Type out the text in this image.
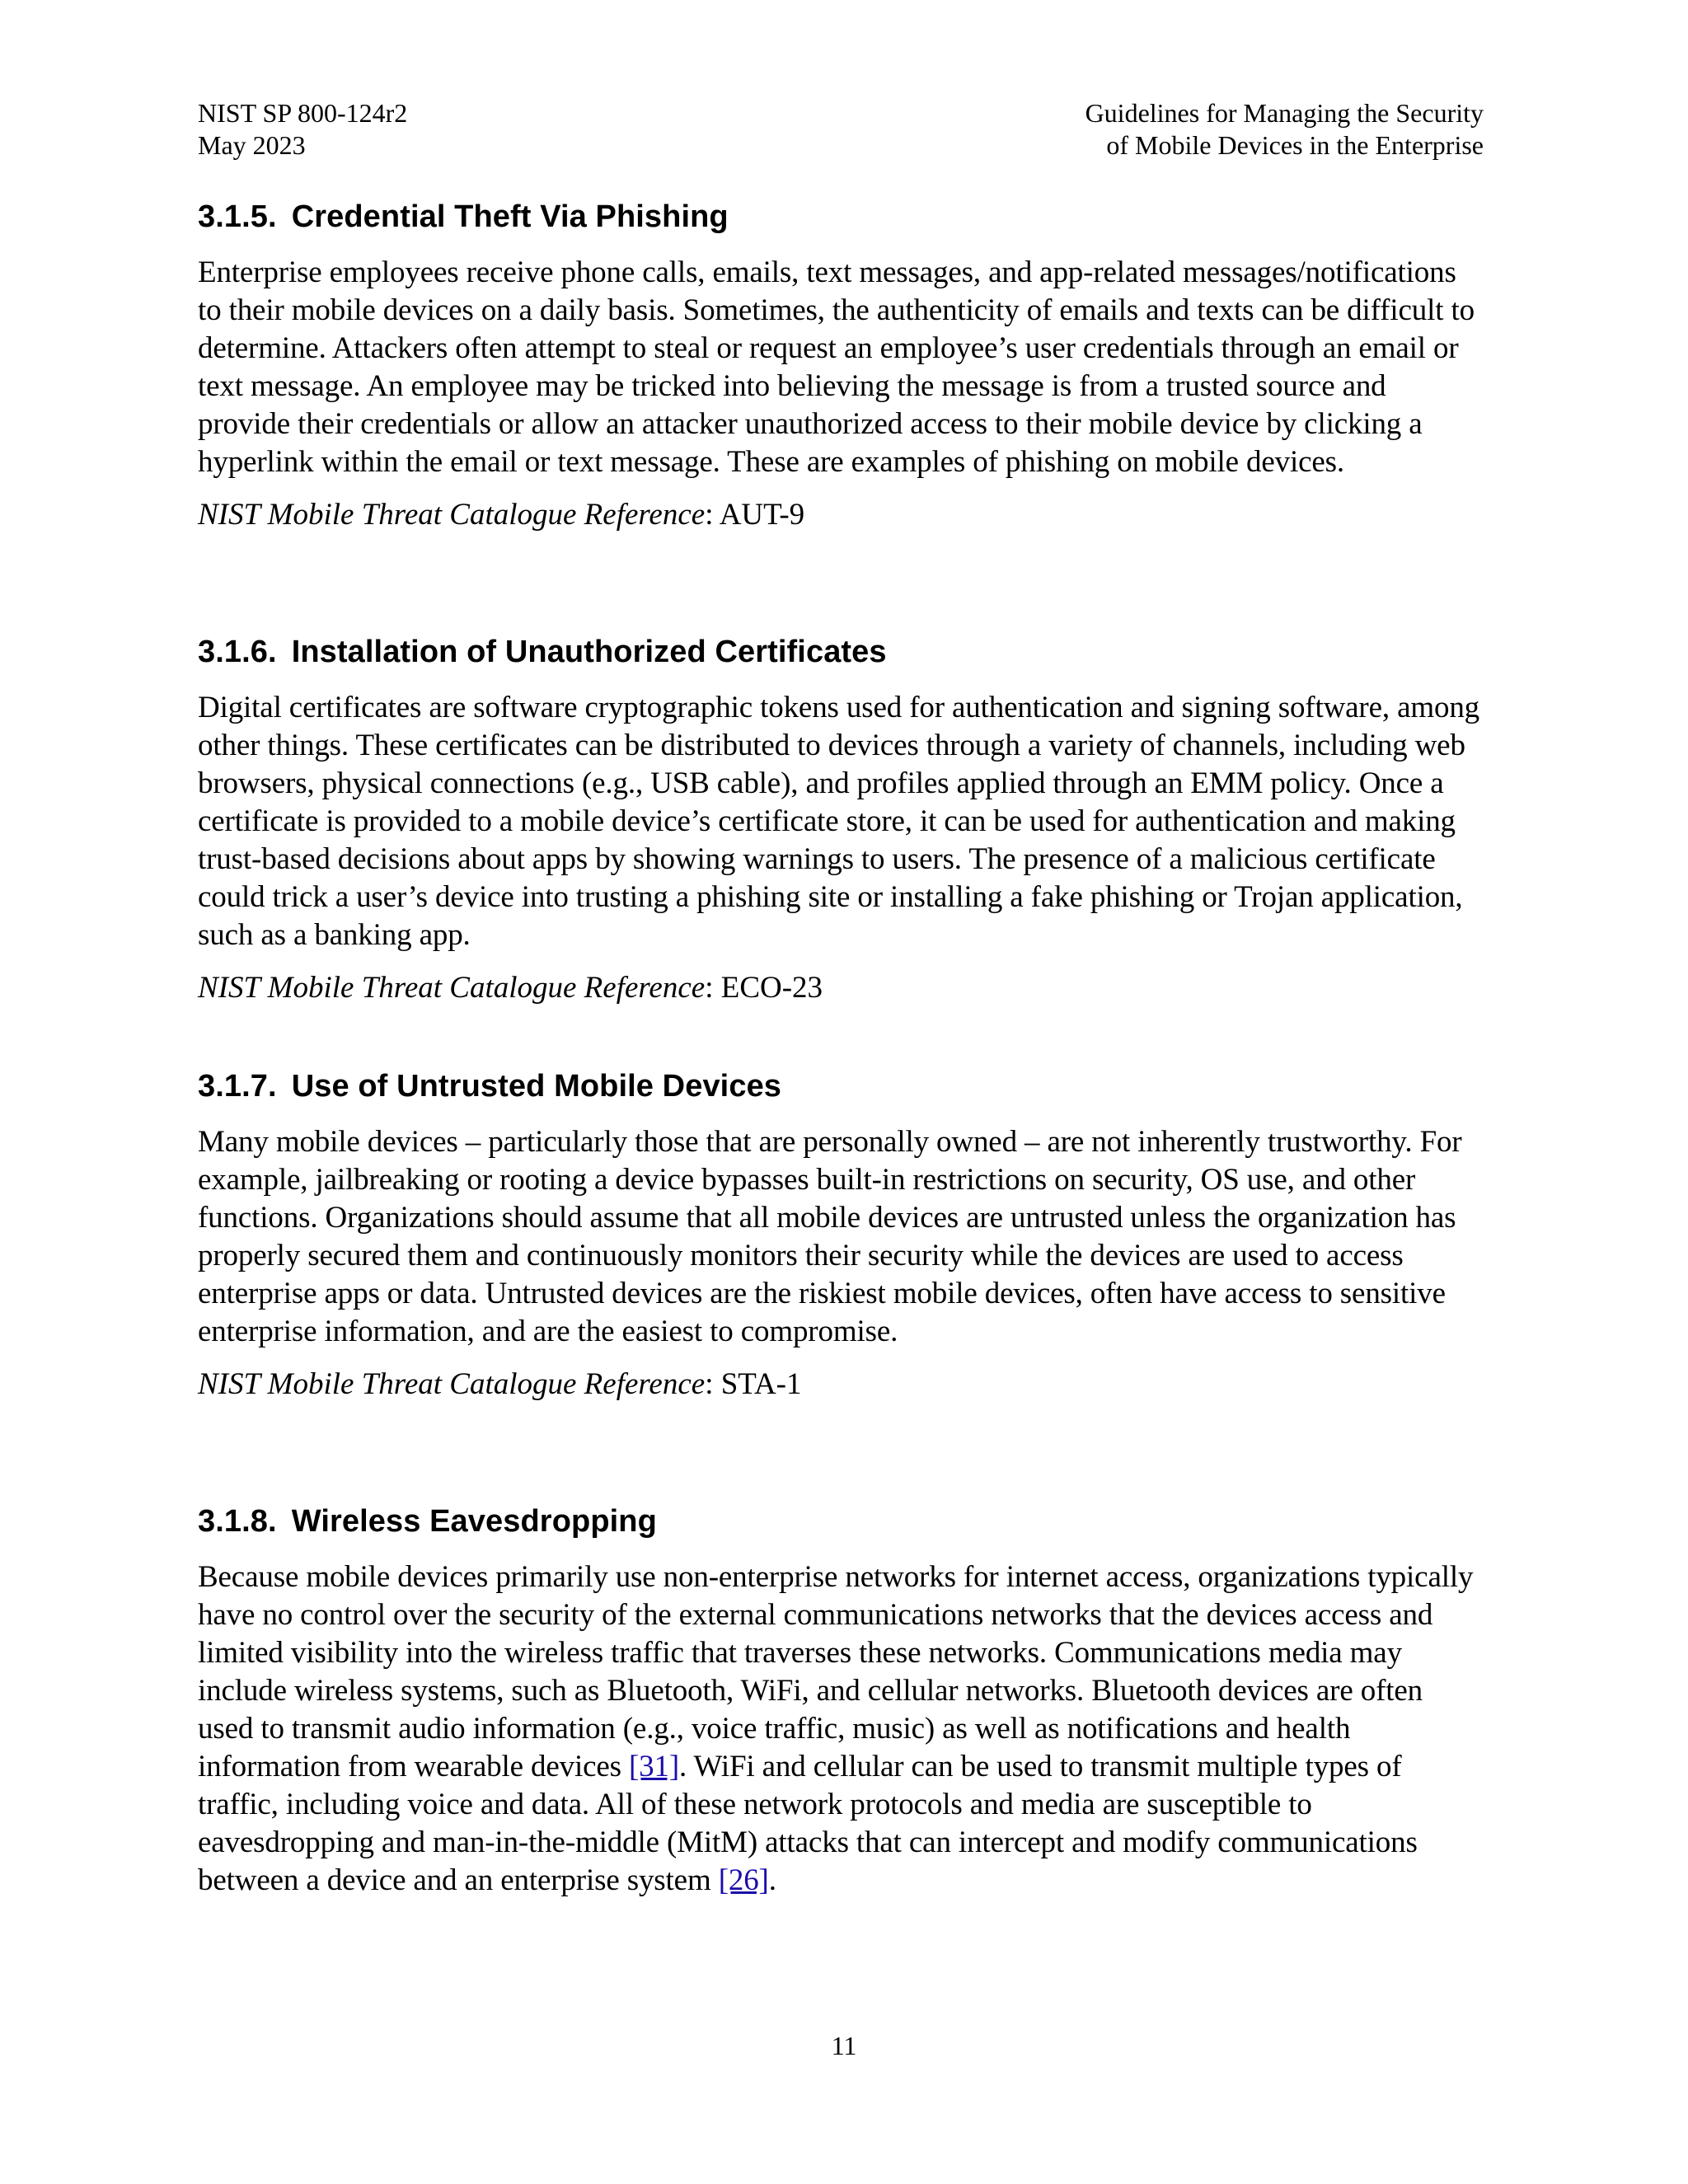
NIST SP 800-124r2
May 2023
Guidelines for Managing the Security
of Mobile Devices in the Enterprise
3.1.5. Credential Theft Via Phishing

Enterprise employees receive phone calls, emails, text messages, and app-related messages/notifications to their mobile devices on a daily basis. Sometimes, the authenticity of emails and texts can be difficult to determine. Attackers often attempt to steal or request an employee’s user credentials through an email or text message. An employee may be tricked into believing the message is from a trusted source and provide their credentials or allow an attacker unauthorized access to their mobile device by clicking a hyperlink within the email or text message. These are examples of phishing on mobile devices.

NIST Mobile Threat Catalogue Reference: AUT-9

3.1.6. Installation of Unauthorized Certificates

Digital certificates are software cryptographic tokens used for authentication and signing software, among other things. These certificates can be distributed to devices through a variety of channels, including web browsers, physical connections (e.g., USB cable), and profiles applied through an EMM policy. Once a certificate is provided to a mobile device’s certificate store, it can be used for authentication and making trust-based decisions about apps by showing warnings to users. The presence of a malicious certificate could trick a user’s device into trusting a phishing site or installing a fake phishing or Trojan application, such as a banking app.

NIST Mobile Threat Catalogue Reference: ECO-23

3.1.7. Use of Untrusted Mobile Devices

Many mobile devices – particularly those that are personally owned – are not inherently trustworthy. For example, jailbreaking or rooting a device bypasses built-in restrictions on security, OS use, and other functions. Organizations should assume that all mobile devices are untrusted unless the organization has properly secured them and continuously monitors their security while the devices are used to access enterprise apps or data. Untrusted devices are the riskiest mobile devices, often have access to sensitive enterprise information, and are the easiest to compromise.

NIST Mobile Threat Catalogue Reference: STA-1

3.1.8. Wireless Eavesdropping

Because mobile devices primarily use non-enterprise networks for internet access, organizations typically have no control over the security of the external communications networks that the devices access and limited visibility into the wireless traffic that traverses these networks. Communications media may include wireless systems, such as Bluetooth, WiFi, and cellular networks. Bluetooth devices are often used to transmit audio information (e.g., voice traffic, music) as well as notifications and health information from wearable devices [31]. WiFi and cellular can be used to transmit multiple types of traffic, including voice and data. All of these network protocols and media are susceptible to eavesdropping and man-in-the-middle (MitM) attacks that can intercept and modify communications between a device and an enterprise system [26].

11
